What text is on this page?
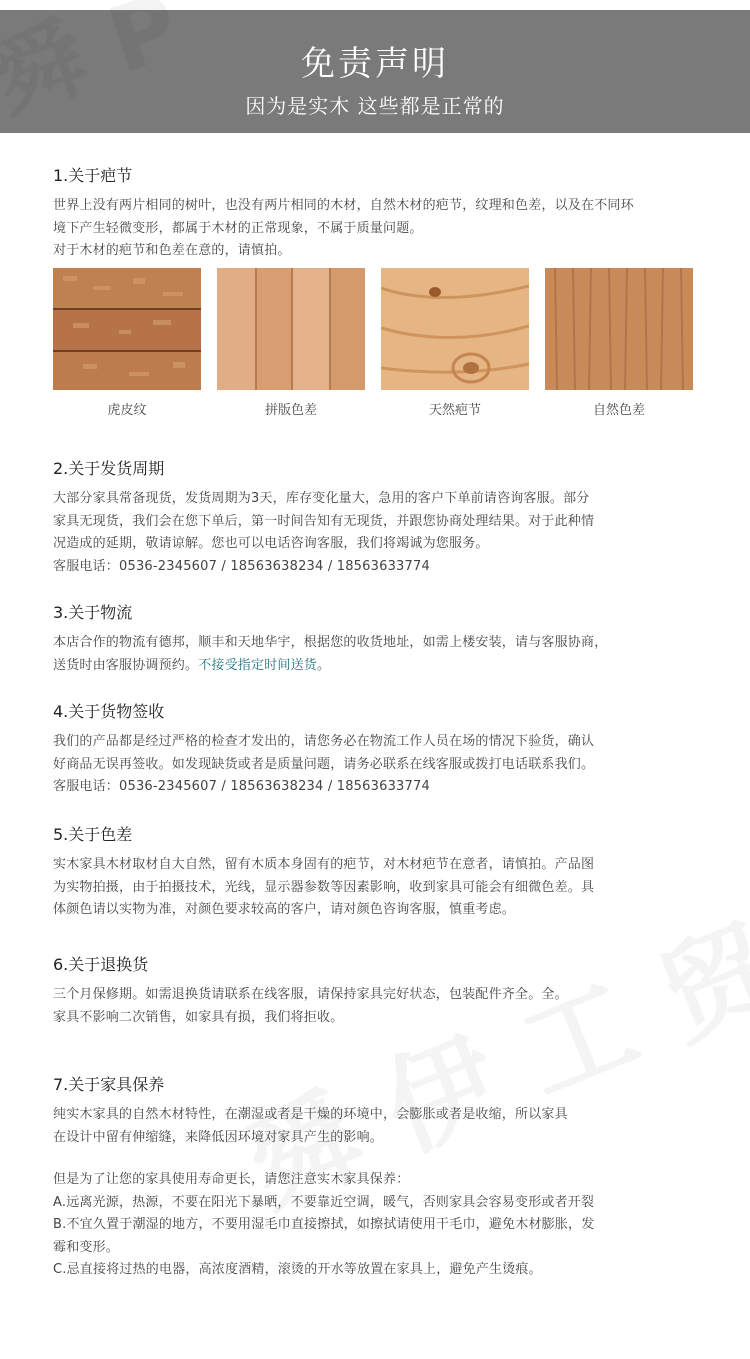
免责声明
因为是实木 这些都是正常的
1.关于疤节

世界上没有两片相同的树叶，也没有两片相同的木材，自然木材的疤节，纹理和色差，以及在不同环

境下产生轻微变形，都属于木材的正常现象，不属于质量问题。

对于木材的疤节和色差在意的，请慎拍。

虎皮纹	拼版色差	天然疤节	自然色差
2.关于发货周期

大部分家具常备现货，发货周期为3天，库存变化量大，急用的客户下单前请咨询客服。部分

家具无现货，我们会在您下单后，第一时间告知有无现货，并跟您协商处理结果。对于此种情

况造成的延期，敬请谅解。您也可以电话咨询客服，我们将竭诚为您服务。

客服电话：0536-2345607 / 18563638234 / 18563633774

3.关于物流

本店合作的物流有德邦，顺丰和天地华宇，根据您的收货地址，如需上楼安装，请与客服协商，

送货时由客服协调预约。不接受指定时间送货。

4.关于货物签收

我们的产品都是经过严格的检查才发出的，请您务必在物流工作人员在场的情况下验货，确认

好商品无误再签收。如发现缺货或者是质量问题，请务必联系在线客服或拨打电话联系我们。

客服电话：0536-2345607 / 18563638234 / 18563633774

5.关于色差

实木家具木材取材自大自然，留有木质本身固有的疤节，对木材疤节在意者，请慎拍。产品图

为实物拍摄，由于拍摄技术，光线，显示器参数等因素影响，收到家具可能会有细微色差。具

体颜色请以实物为准，对颜色要求较高的客户，请对颜色咨询客服，慎重考虑。

6.关于退换货

三个月保修期。如需退换货请联系在线客服，请保持家具完好状态，包装配件齐全。全。

家具不影响二次销售，如家具有损，我们将拒收。

7.关于家具保养

纯实木家具的自然木材特性，在潮湿或者是干燥的环境中，会膨胀或者是收缩，所以家具

在设计中留有伸缩缝，来降低因环境对家具产生的影响。

但是为了让您的家具使用寿命更长，请您注意实木家具保养：

A.远离光源，热源，不要在阳光下暴晒，不要靠近空调，暖气，否则家具会容易变形或者开裂

B.不宜久置于潮湿的地方，不要用湿毛巾直接擦拭，如擦拭请使用干毛巾，避免木材膨胀，发

霉和变形。

C.忌直接将过热的电器，高浓度酒精，滚烫的开水等放置在家具上，避免产生烫痕。
